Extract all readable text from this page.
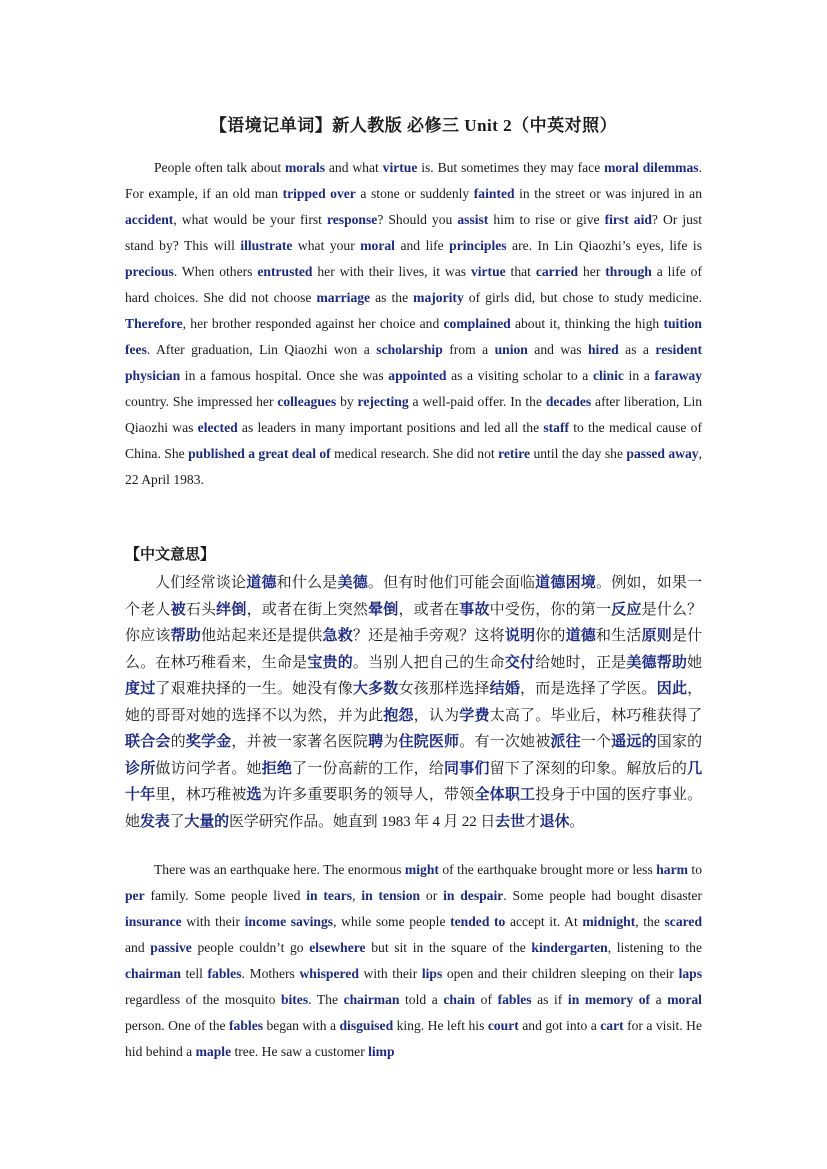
【语境记单词】新人教版 必修三 Unit 2（中英对照）

People often talk about morals and what virtue is. But sometimes they may face moral dilemmas. For example, if an old man tripped over a stone or suddenly fainted in the street or was injured in an accident, what would be your first response? Should you assist him to rise or give first aid? Or just stand by? This will illustrate what your moral and life principles are. In Lin Qiaozhi’s eyes, life is precious. When others entrusted her with their lives, it was virtue that carried her through a life of hard choices. She did not choose marriage as the majority of girls did, but chose to study medicine. Therefore, her brother responded against her choice and complained about it, thinking the high tuition fees. After graduation, Lin Qiaozhi won a scholarship from a union and was hired as a resident physician in a famous hospital. Once she was appointed as a visiting scholar to a clinic in a faraway country. She impressed her colleagues by rejecting a well-paid offer. In the decades after liberation, Lin Qiaozhi was elected as leaders in many important positions and led all the staff to the medical cause of China. She published a great deal of medical research. She did not retire until the day she passed away, 22 April 1983.

【中文意思】

人们经常谈论道德和什么是美德。但有时他们可能会面临道德困境。例如，如果一个老人被石头绊倒，或者在街上突然晕倒，或者在事故中受伤，你的第一反应是什么？你应该帮助他站起来还是提供急救？还是袖手旁观？这将说明你的道德和生活原则是什么。在林巧稚看来，生命是宝贵的。当别人把自己的生命交付给她时，正是美德帮助她度过了艰难抉择的一生。她没有像大多数女孩那样选择结婚，而是选择了学医。因此，她的哥哥对她的选择不以为然，并为此抱怨，认为学费太高了。毕业后，林巧稚获得了联合会的奖学金，并被一家著名医院聘为住院医师。有一次她被派往一个遥远的国家的诊所做访问学者。她拒绝了一份高薪的工作，给同事们留下了深刻的印象。解放后的几十年里，林巧稚被选为许多重要职务的领导人，带领全体职工投身于中国的医疗事业。她发表了大量的医学研究作品。她直到 1983 年 4 月 22 日去世才退休。

There was an earthquake here. The enormous might of the earthquake brought more or less harm to per family. Some people lived in tears, in tension or in despair. Some people had bought disaster insurance with their income savings, while some people tended to accept it. At midnight, the scared and passive people couldn’t go elsewhere but sit in the square of the kindergarten, listening to the chairman tell fables. Mothers whispered with their lips open and their children sleeping on their laps regardless of the mosquito bites. The chairman told a chain of fables as if in memory of a moral person. One of the fables began with a disguised king. He left his court and got into a cart for a visit. He hid behind a maple tree. He saw a customer limp
